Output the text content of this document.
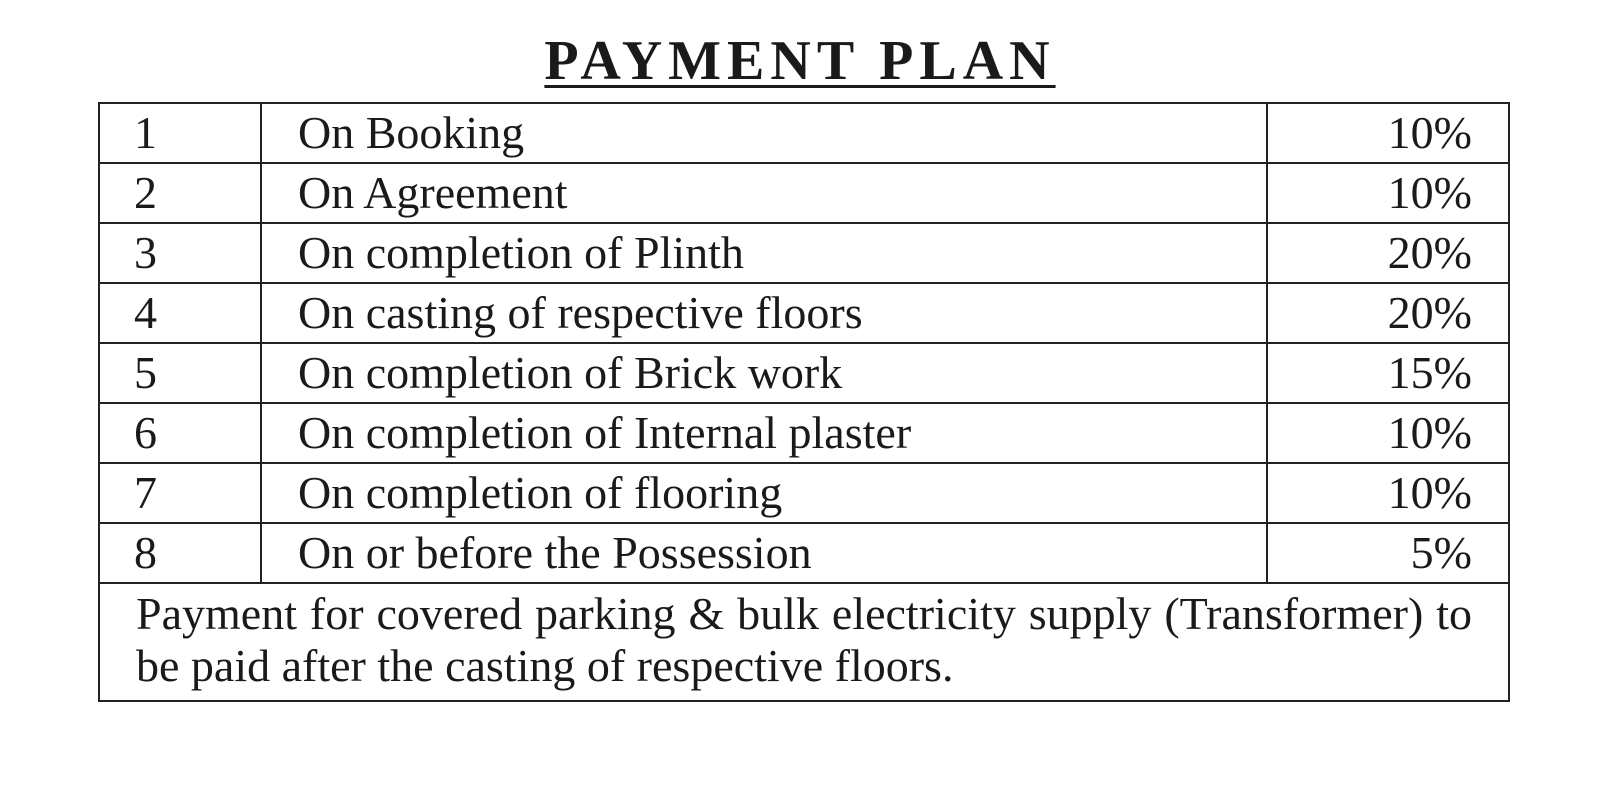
PAYMENT PLAN
1	On Booking	10%
2	On Agreement	10%
3	On completion of Plinth	20%
4	On casting of respective floors	20%
5	On completion of Brick work	15%
6	On completion of Internal plaster	10%
7	On completion of flooring	10%
8	On or before the Possession	5%
Payment for covered parking & bulk electricity supply (Transformer) to be paid after the casting of respective floors.		
